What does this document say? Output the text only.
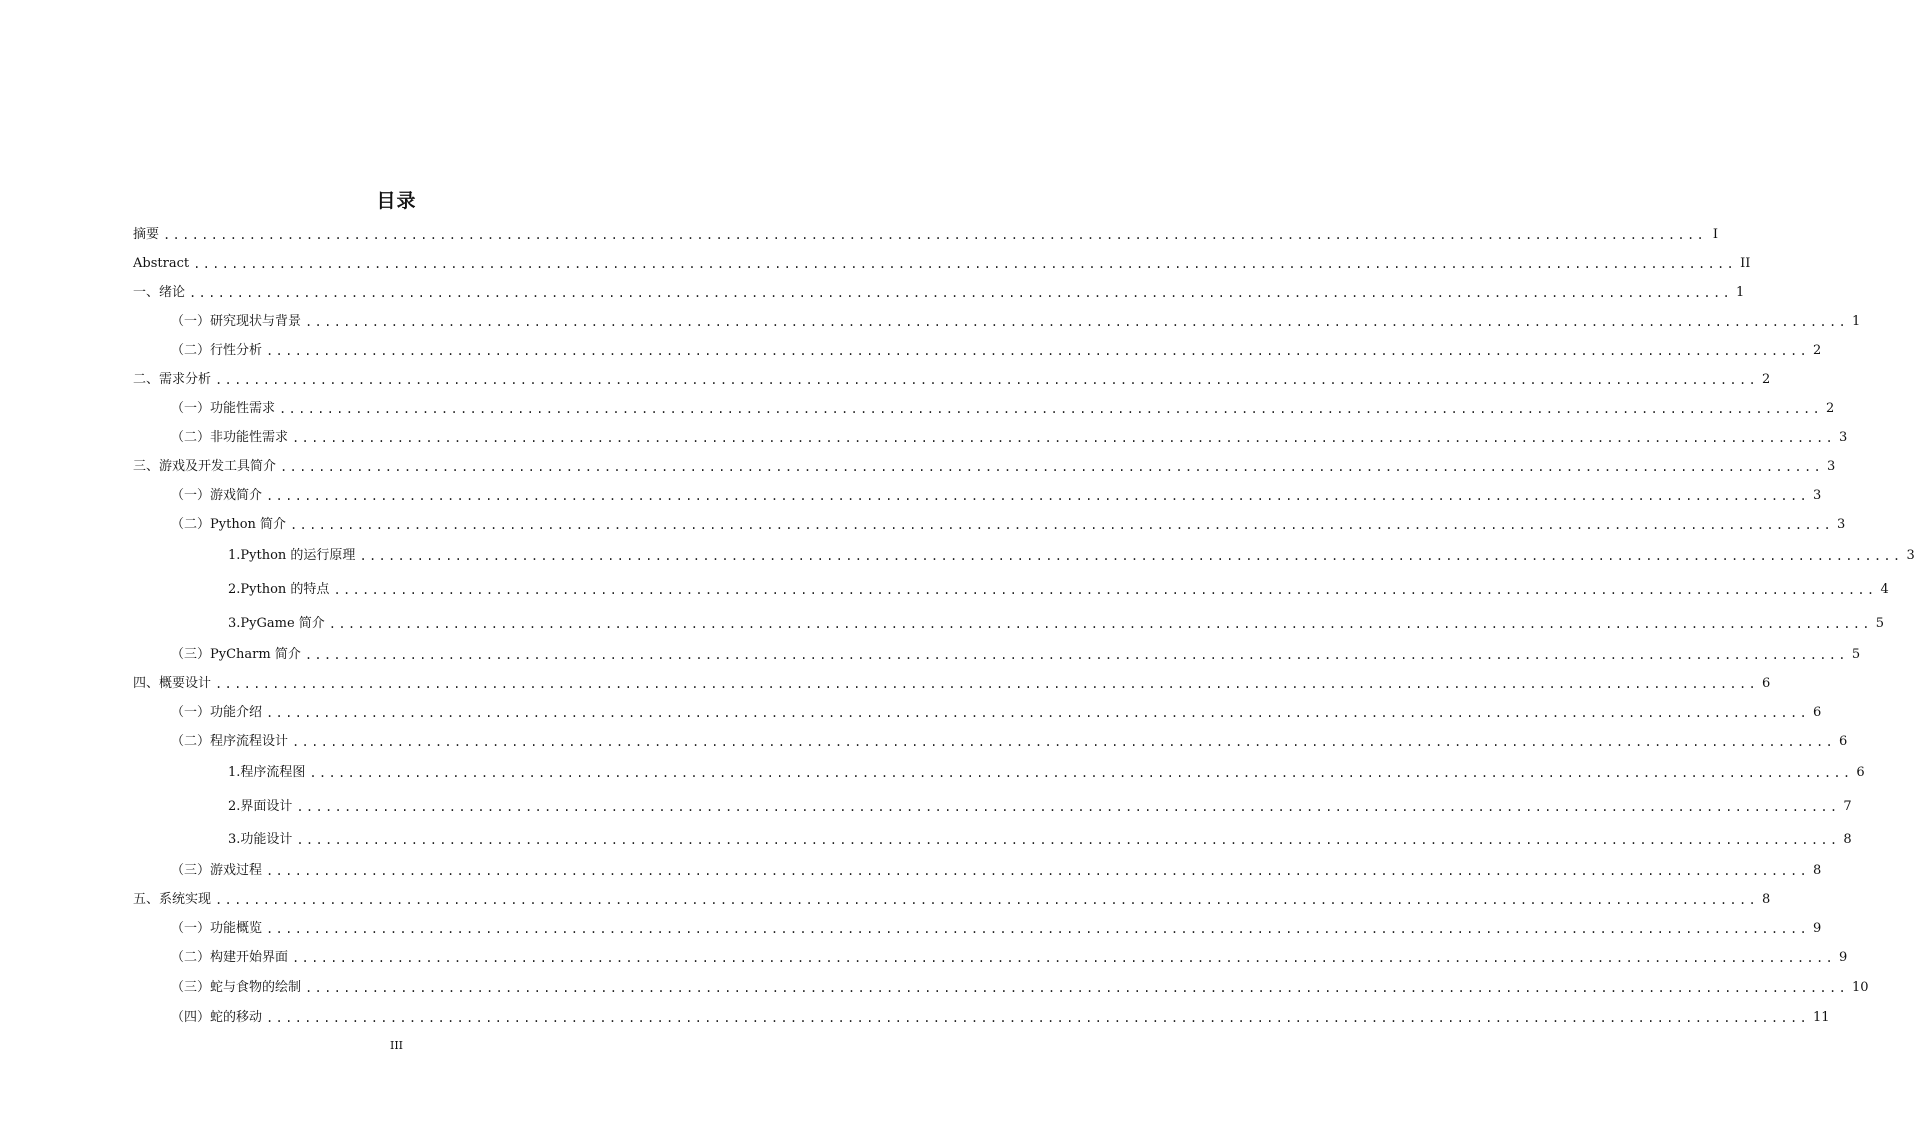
目录
摘要 .................................................................................................................................................................. I
Abstract .................................................................................................................................................................. II
一、绪论 .................................................................................................................................................................. 1
（一）研究现状与背景 .................................................................................................................................................................. 1
（二）行性分析 .................................................................................................................................................................. 2
二、需求分析 .................................................................................................................................................................. 2
（一）功能性需求 .................................................................................................................................................................. 2
（二）非功能性需求 .................................................................................................................................................................. 3
三、游戏及开发工具简介 .................................................................................................................................................................. 3
（一）游戏简介 .................................................................................................................................................................. 3
（二）Python 简介 .................................................................................................................................................................. 3
1.Python 的运行原理 .................................................................................................................................................................. 3
2.Python 的特点 .................................................................................................................................................................. 4
3.PyGame 简介 .................................................................................................................................................................. 5
（三）PyCharm 简介 .................................................................................................................................................................. 5
四、概要设计 .................................................................................................................................................................. 6
（一）功能介绍 .................................................................................................................................................................. 6
（二）程序流程设计 .................................................................................................................................................................. 6
1.程序流程图 .................................................................................................................................................................. 6
2.界面设计 .................................................................................................................................................................. 7
3.功能设计 .................................................................................................................................................................. 8
（三）游戏过程 .................................................................................................................................................................. 8
五、系统实现 .................................................................................................................................................................. 8
（一）功能概览 .................................................................................................................................................................. 9
（二）构建开始界面 .................................................................................................................................................................. 9
（三）蛇与食物的绘制 .................................................................................................................................................................. 10
（四）蛇的移动 .................................................................................................................................................................. 11
III
